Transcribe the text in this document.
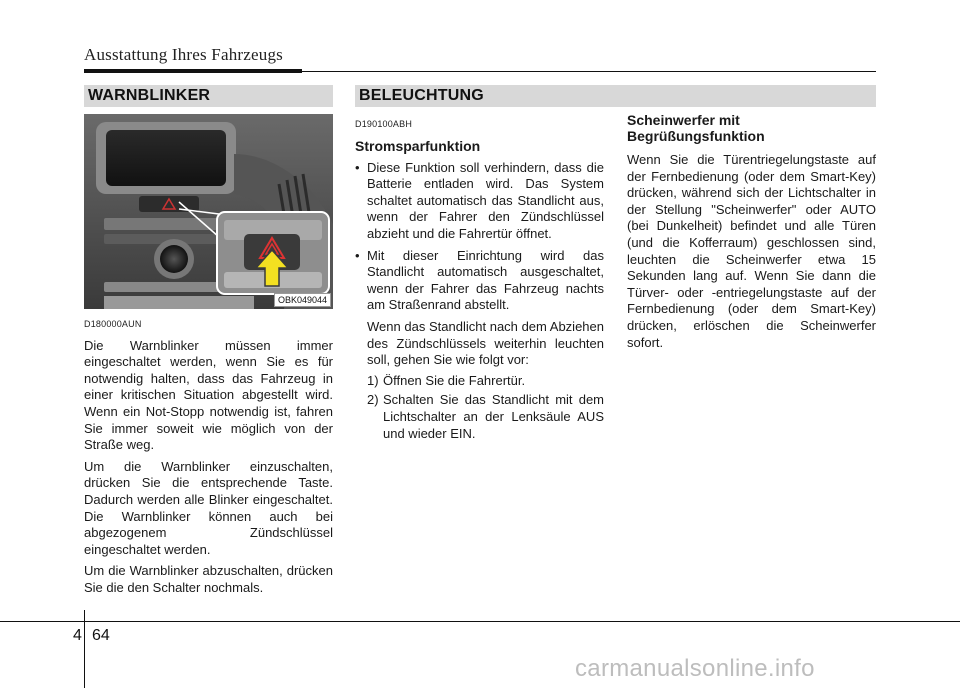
Ausstattung Ihres Fahrzeugs
WARNBLINKER
OBK049044
D180000AUN

Die Warnblinker müssen immer eingeschaltet werden, wenn Sie es für notwendig halten, dass das Fahrzeug in einer kritischen Situation abgestellt wird. Wenn ein Not-Stopp notwendig ist, fahren Sie immer soweit wie möglich von der Straße weg.

Um die Warnblinker einzuschalten, drücken Sie die entsprechende Taste. Dadurch werden alle Blinker eingeschaltet. Die Warnblinker können auch bei abgezogenem Zündschlüssel eingeschaltet werden.

Um die Warnblinker abzuschalten, drücken Sie die den Schalter nochmals.

BELEUCHTUNG
D190100ABH
Stromsparfunktion
• Diese Funktion soll verhindern, dass die Batterie entladen wird. Das System schaltet automatisch das Standlicht aus, wenn der Fahrer den Zündschlüssel abzieht und die Fahrertür öffnet.
• Mit dieser Einrichtung wird das Standlicht automatisch ausgeschaltet, wenn der Fahrer das Fahrzeug nachts am Straßenrand abstellt.
Wenn das Standlicht nach dem Abziehen des Zündschlüssels weiterhin leuchten soll, gehen Sie wie folgt vor:
1) Öffnen Sie die Fahrertür.
2) Schalten Sie das Standlicht mit dem Lichtschalter an der Lenksäule AUS und wieder EIN.
Scheinwerfer mit Begrüßungsfunktion

Wenn Sie die Türentriegelungstaste auf der Fernbedienung (oder dem Smart-Key) drücken, während sich der Lichtschalter in der Stellung "Scheinwerfer" oder AUTO (bei Dunkelheit) befindet und alle Türen (und die Kofferraum) geschlossen sind, leuchten die Scheinwerfer etwa 15 Sekunden lang auf. Wenn Sie dann die Türver- oder -entriegelungstaste auf der Fernbedienung (oder dem Smart-Key) drücken, erlöschen die Scheinwerfer sofort.

4 64
carmanualsonline.info
